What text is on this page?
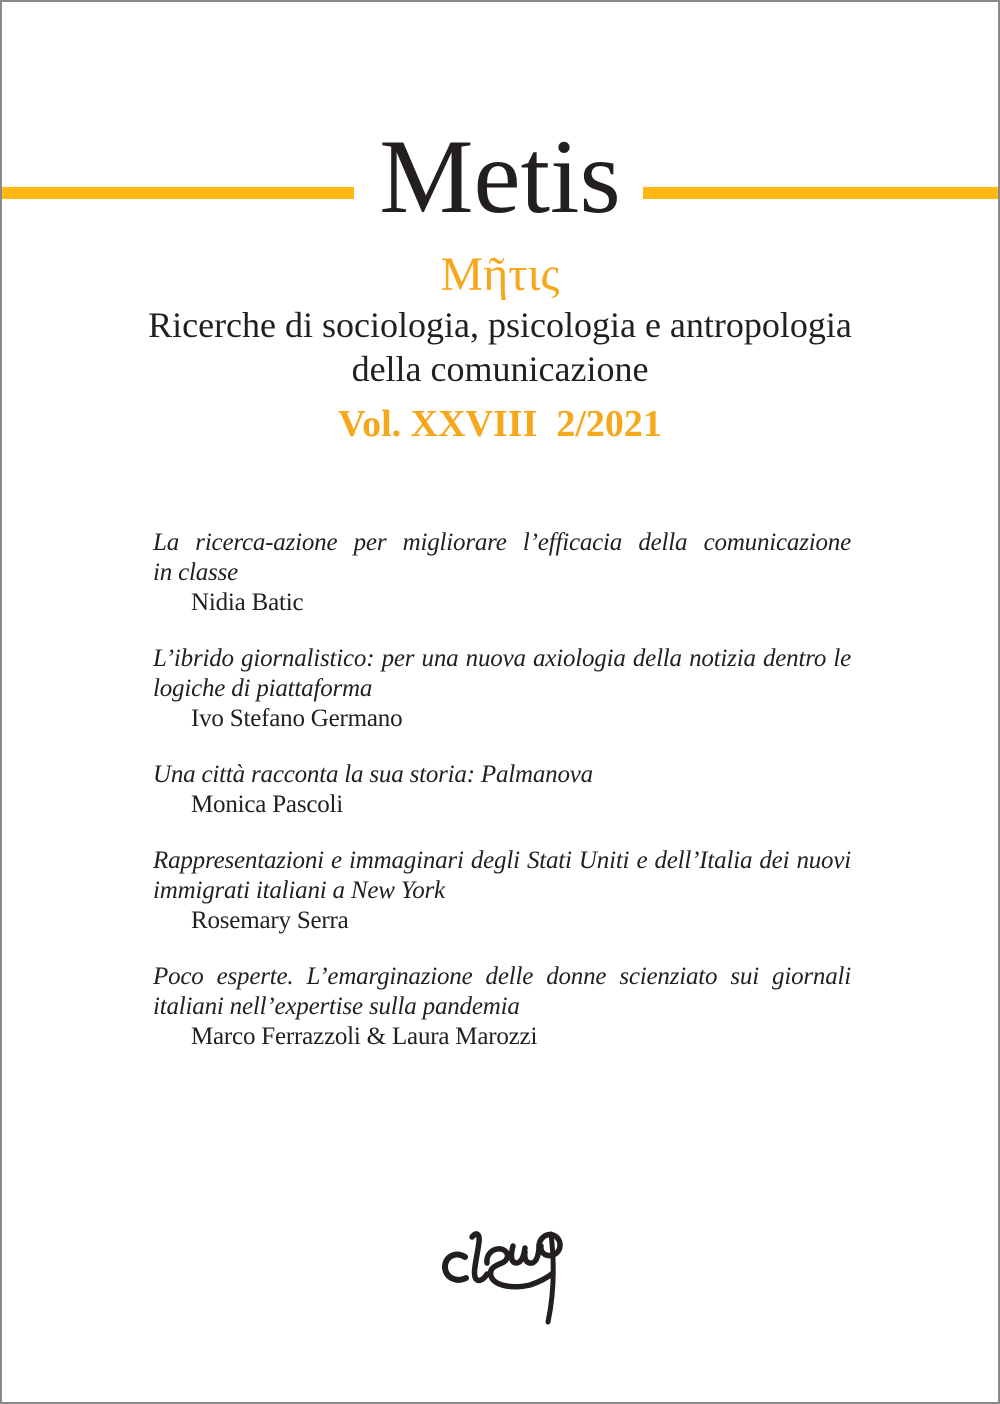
Metis
Μῆτις
Ricerche di sociologia, psicologia e antropologia
della comunicazione
Vol. XXVIII  2/2021
La ricerca-azione per migliorare l’efficacia della comunicazione
in classe
Nidia Batic
L’ibrido giornalistico: per una nuova axiologia della notizia dentro le
logiche di piattaforma
Ivo Stefano Germano
Una città racconta la sua storia: Palmanova
Monica Pascoli
Rappresentazioni e immaginari degli Stati Uniti e dell’Italia dei nuovi
immigrati italiani a New York
Rosemary Serra
Poco esperte. L’emarginazione delle donne scienziato sui giornali
italiani nell’expertise sulla pandemia
Marco Ferrazzoli & Laura Marozzi
